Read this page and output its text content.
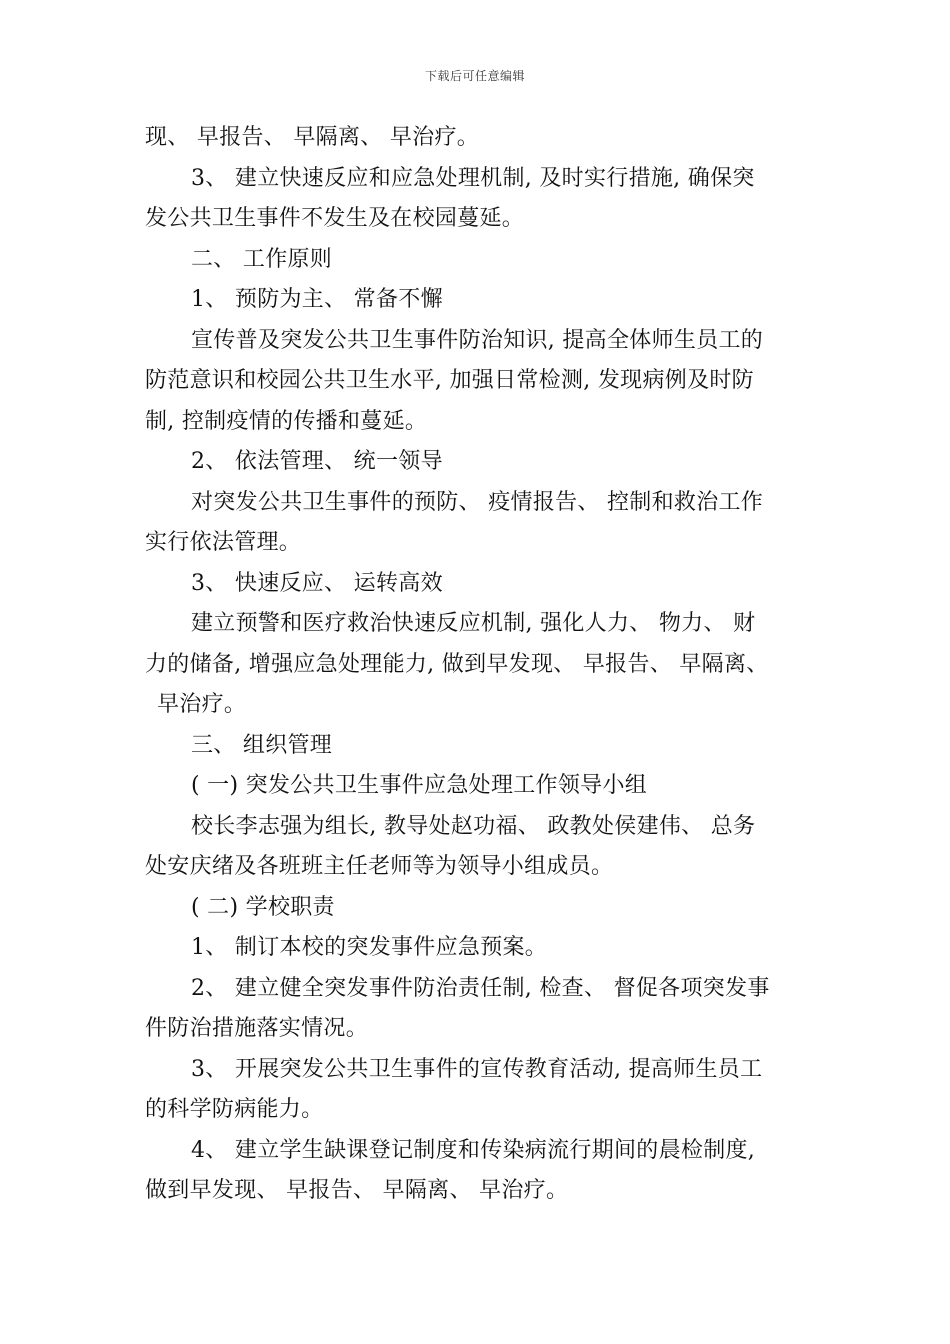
下载后可任意编辑
现、 早报告、 早隔离、 早治疗。
3、 建立快速反应和应急处理机制, 及时实行措施, 确保突
发公共卫生事件不发生及在校园蔓延。
二、 工作原则
1、 预防为主、 常备不懈
宣传普及突发公共卫生事件防治知识, 提高全体师生员工的
防范意识和校园公共卫生水平, 加强日常检测, 发现病例及时防
制, 控制疫情的传播和蔓延。
2、 依法管理、 统一领导
对突发公共卫生事件的预防、 疫情报告、 控制和救治工作
实行依法管理。
3、 快速反应、 运转高效
建立预警和医疗救治快速反应机制, 强化人力、 物力、 财
力的储备, 增强应急处理能力, 做到早发现、 早报告、 早隔离、
早治疗。
三、 组织管理
( 一) 突发公共卫生事件应急处理工作领导小组
校长李志强为组长, 教导处赵功福、 政教处侯建伟、 总务
处安庆绪及各班班主任老师等为领导小组成员。
( 二) 学校职责
1、 制订本校的突发事件应急预案。
2、 建立健全突发事件防治责任制, 检查、 督促各项突发事
件防治措施落实情况。
3、 开展突发公共卫生事件的宣传教育活动, 提高师生员工
的科学防病能力。
4、 建立学生缺课登记制度和传染病流行期间的晨检制度,
做到早发现、 早报告、 早隔离、 早治疗。
